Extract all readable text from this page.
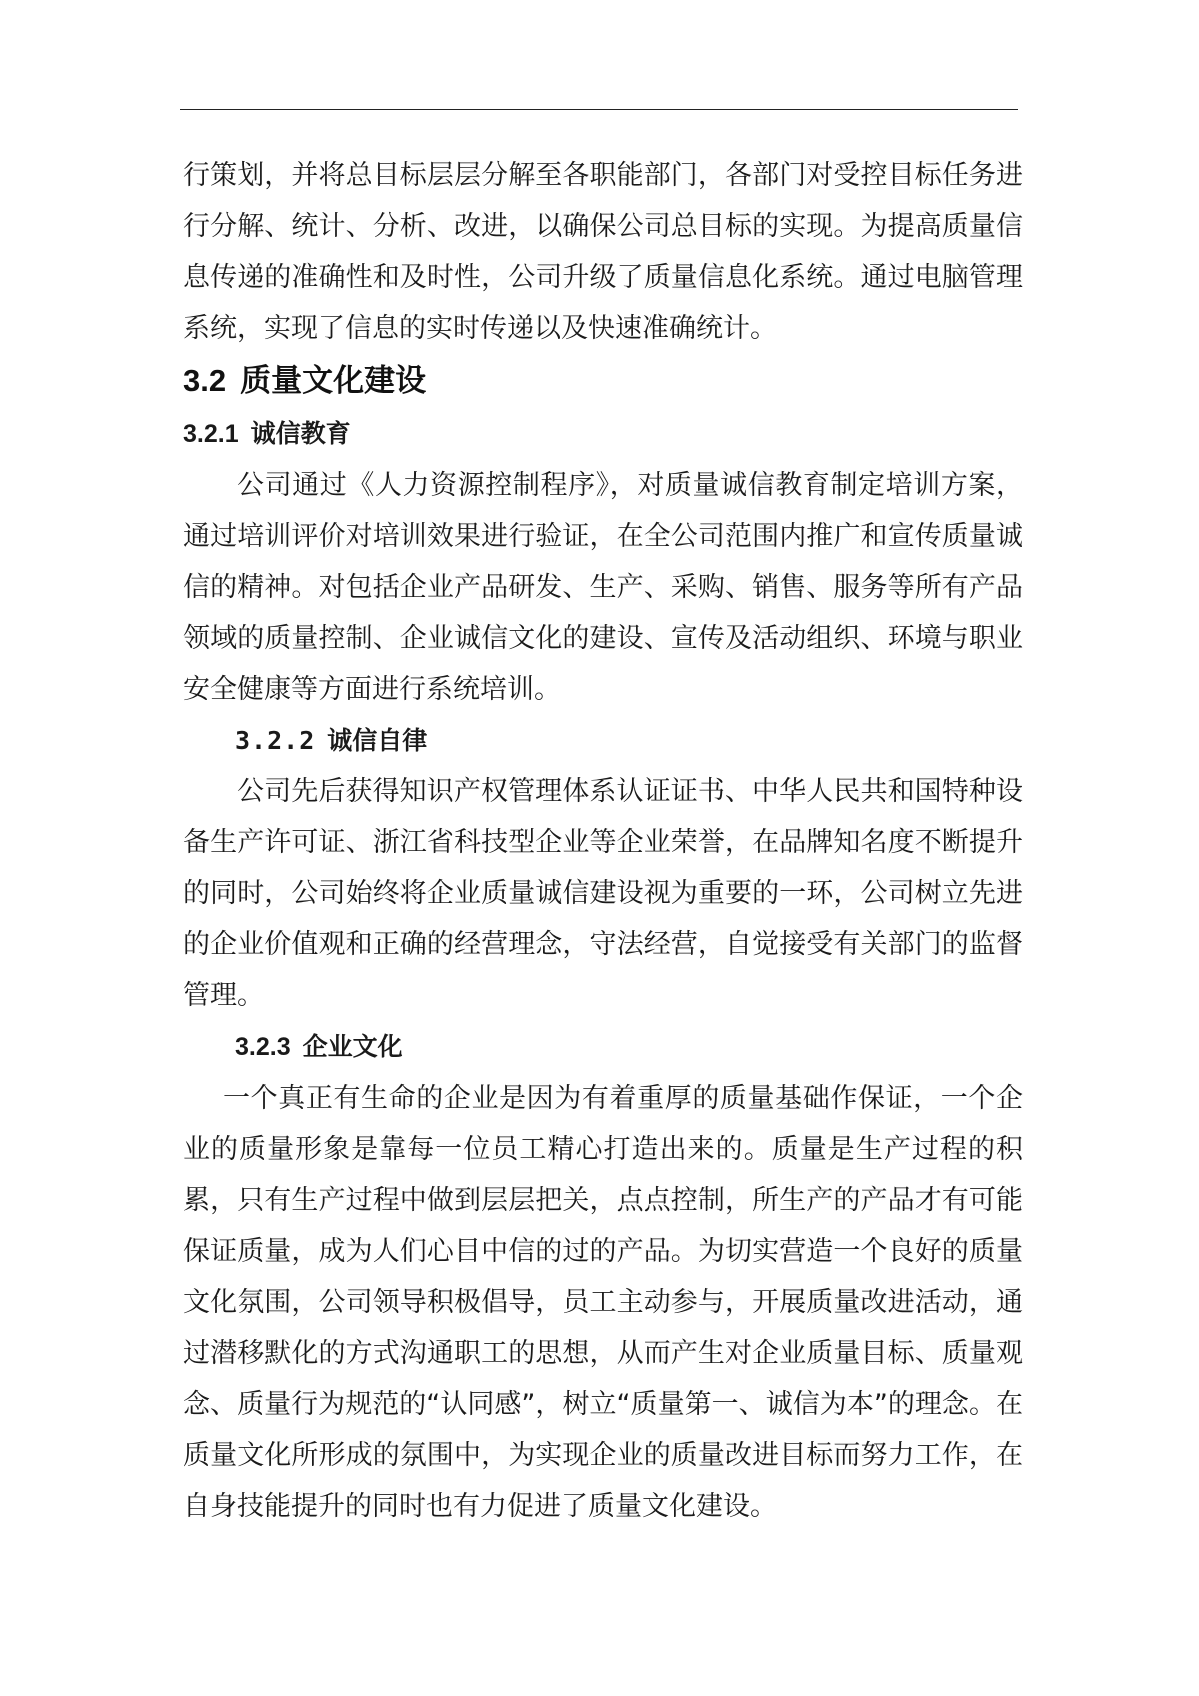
行策划，并将总目标层层分解至各职能部门，各部门对受控目标任务进行分解、统计、分析、改进，以确保公司总目标的实现。为提高质量信息传递的准确性和及时性，公司升级了质量信息化系统。通过电脑管理系统，实现了信息的实时传递以及快速准确统计。

3.2 质量文化建设
3.2.1 诚信教育

公司通过《人力资源控制程序》，对质量诚信教育制定培训方案，通过培训评价对培训效果进行验证，在全公司范围内推广和宣传质量诚信的精神。对包括企业产品研发、生产、采购、销售、服务等所有产品领域的质量控制、企业诚信文化的建设、宣传及活动组织、环境与职业安全健康等方面进行系统培训。

3.2.2 诚信自律

公司先后获得知识产权管理体系认证证书、中华人民共和国特种设备生产许可证、浙江省科技型企业等企业荣誉，在品牌知名度不断提升的同时，公司始终将企业质量诚信建设视为重要的一环，公司树立先进的企业价值观和正确的经营理念，守法经营，自觉接受有关部门的监督管理。

3.2.3 企业文化

一个真正有生命的企业是因为有着重厚的质量基础作保证，一个企业的质量形象是靠每一位员工精心打造出来的。质量是生产过程的积累，只有生产过程中做到层层把关，点点控制，所生产的产品才有可能保证质量，成为人们心目中信的过的产品。为切实营造一个良好的质量文化氛围，公司领导积极倡导，员工主动参与，开展质量改进活动，通过潜移默化的方式沟通职工的思想，从而产生对企业质量目标、质量观念、质量行为规范的“认同感”，树立“质量第一、诚信为本”的理念。在质量文化所形成的氛围中，为实现企业的质量改进目标而努力工作，在自身技能提升的同时也有力促进了质量文化建设。
